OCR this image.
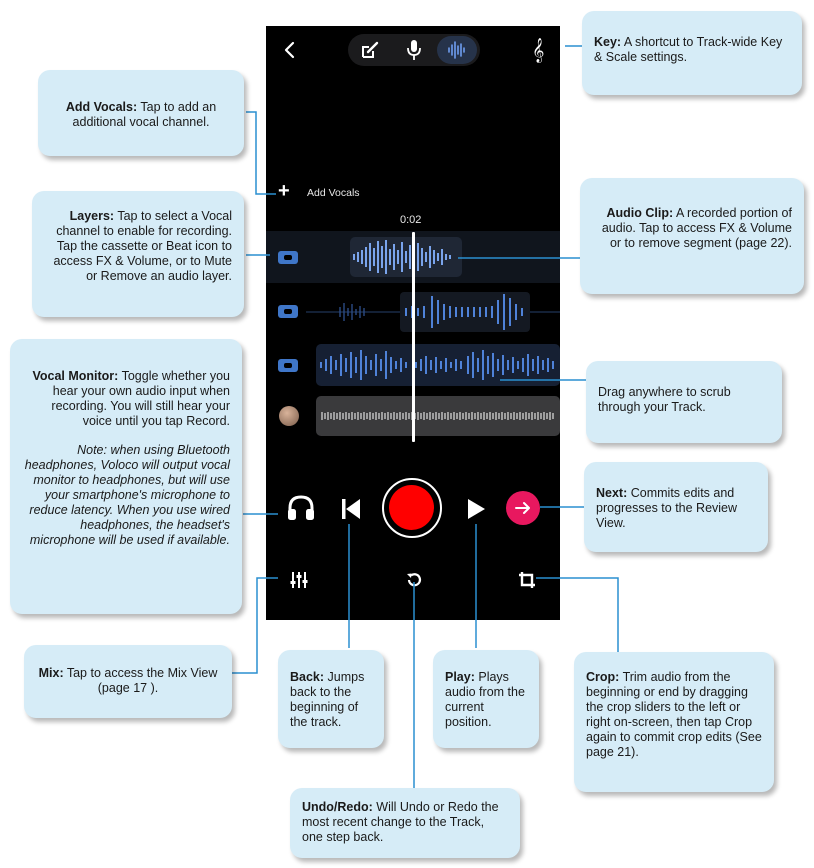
𝄞
+ Add Vocals
0:02
Add Vocals: Tap to add an additional vocal channel.
Layers: Tap to select a Vocal channel to enable for recording. Tap the cassette or Beat icon to access FX & Volume, or to Mute or Remove an audio layer.
Vocal Monitor: Toggle whether you hear your own audio input when recording. You will still hear your voice until you tap Record.
Note: when using Bluetooth headphones, Voloco will output vocal monitor to headphones, but will use your smartphone's microphone to reduce latency. When you use wired headphones, the headset's microphone will be used if available.
Mix: Tap to access the Mix View (page 17 ).
Key: A shortcut to Track-wide Key & Scale settings.
Audio Clip: A recorded portion of audio. Tap to access FX & Volume or to remove segment (page 22).
Drag anywhere to scrub through your Track.
Next: Commits edits and progresses to the Review View.
Back: Jumps back to the beginning of the track.
Play: Plays audio from the current position.
Crop: Trim audio from the beginning or end by dragging the crop sliders to the left or right on-screen, then tap Crop again to commit crop edits (See page 21).
Undo/Redo: Will Undo or Redo the most recent change to the Track, one step back.
